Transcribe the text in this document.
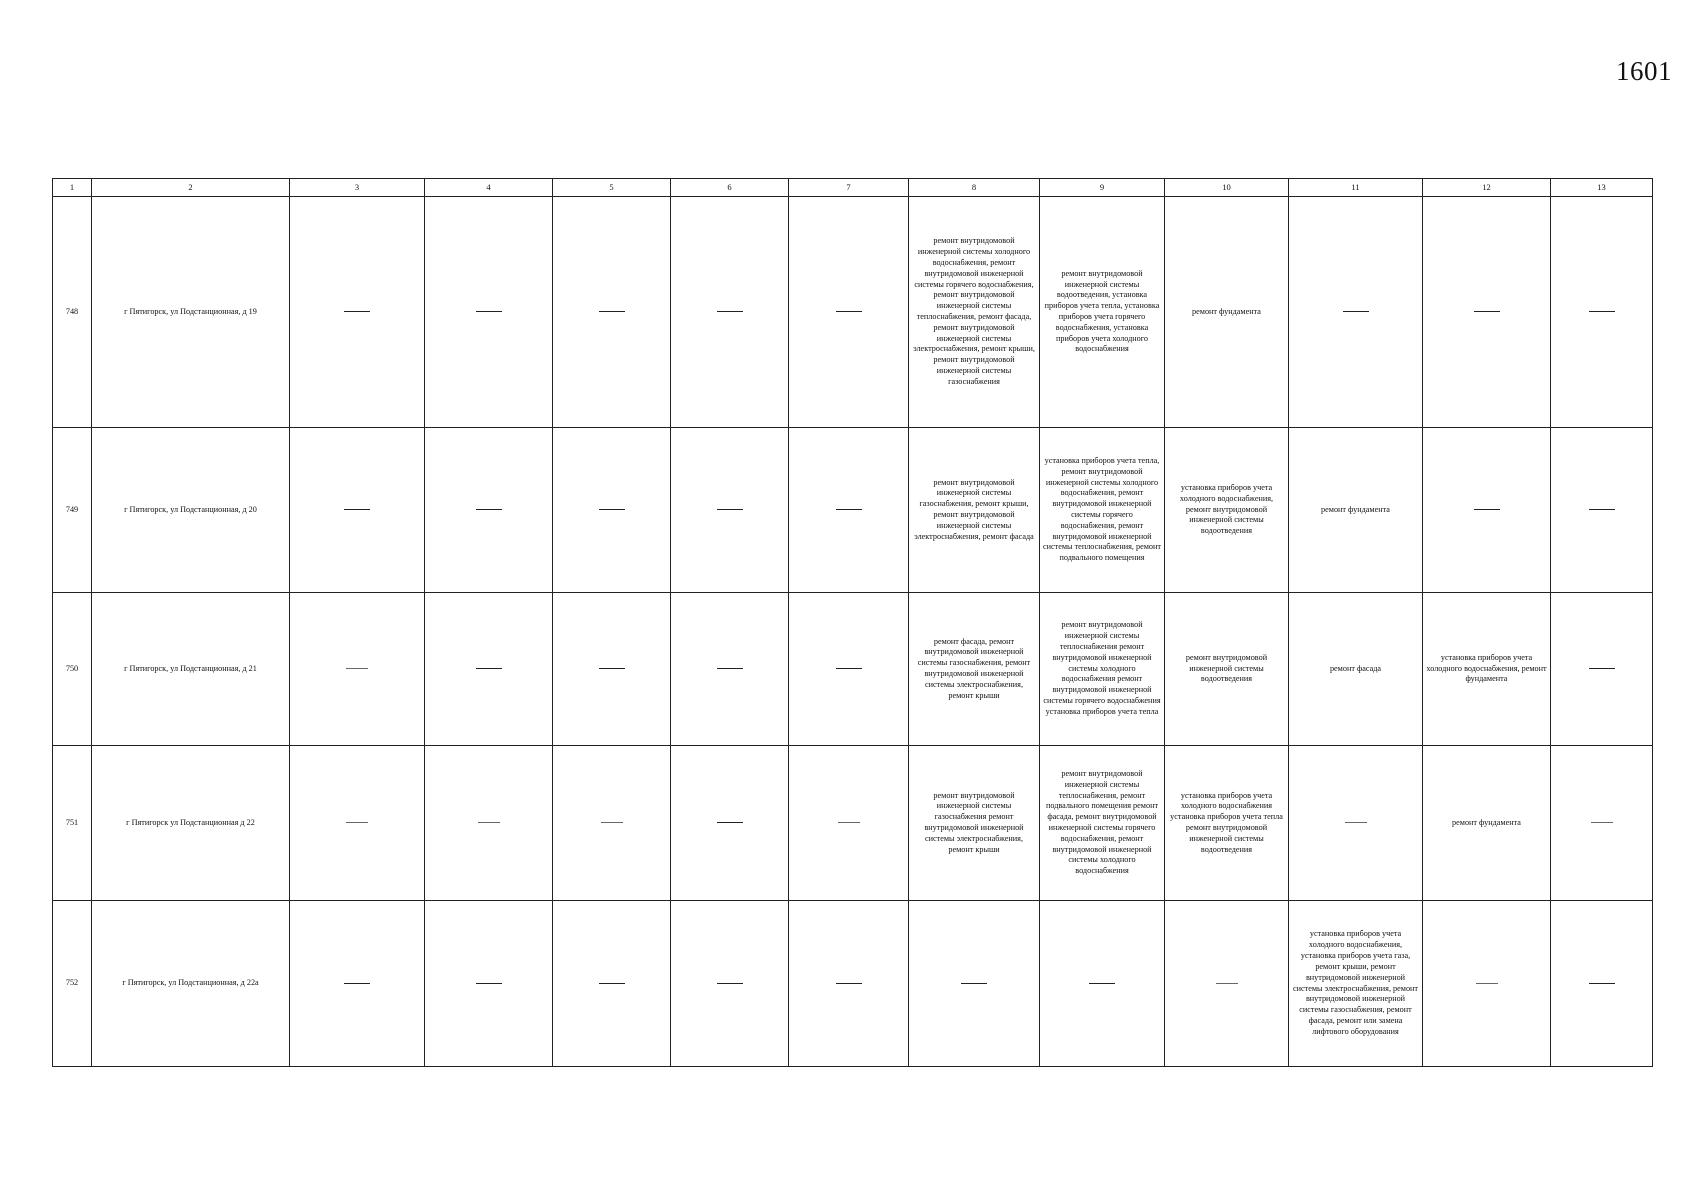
1601
1	2	3	4	5	6	7	8	9	10	11	12	13
748	г Пятигорск, ул Подстанционная, д 19						ремонт внутридомовой инженерной системы холодного водоснабжения, ремонт внутридомовой инженерной системы горячего водоснабжения, ремонт внутридомовой инженерной системы теплоснабжения, ремонт фасада, ремонт внутридомовой инженерной системы электроснабжения, ремонт крыши, ремонт внутридомовой инженерной системы газоснабжения	ремонт внутридомовой инженерной системы водоотведения, установка приборов учета тепла, установка приборов учета горячего водоснабжения, установка приборов учета холодного водоснабжения	ремонт фундамента			
749	г Пятигорск, ул Подстанционная, д 20						ремонт внутридомовой инженерной системы газоснабжения, ремонт крыши, ремонт внутридомовой инженерной системы электроснабжения, ремонт фасада	установка приборов учета тепла, ремонт внутридомовой инженерной системы холодного водоснабжения, ремонт внутридомовой инженерной системы горячего водоснабжения, ремонт внутридомовой инженерной системы теплоснабжения, ремонт подвального помещения	установка приборов учета холодного водоснабжения, ремонт внутридомовой инженерной системы водоотведения	ремонт фундамента		
750	г Пятигорск, ул Подстанционная, д 21						ремонт фасада, ремонт внутридомовой инженерной системы газоснабжения, ремонт внутридомовой инженерной системы электроснабжения, ремонт крыши	ремонт внутридомовой инженерной системы теплоснабжения ремонт внутридомовой инженерной системы холодного водоснабжения ремонт внутридомовой инженерной системы горячего водоснабжения установка приборов учета тепла	ремонт внутридомовой инженерной системы водоотведения	ремонт фасада	установка приборов учета холодного водоснабжения, ремонт фундамента	
751	г Пятигорск ул Подстанционная д 22						ремонт внутридомовой инженерной системы газоснабжения ремонт внутридомовой инженерной системы электроснабжения, ремонт крыши	ремонт внутридомовой инженерной системы теплоснабжения, ремонт подвального помещения ремонт фасада, ремонт внутридомовой инженерной системы горячего водоснабжения, ремонт внутридомовой инженерной системы холодного водоснабжения	установка приборов учета холодного водоснабжения установка приборов учета тепла ремонт внутридомовой инженерной системы водоотведения		ремонт фундамента	
752	г Пятигорск, ул Подстанционная, д 22а									установка приборов учета холодного водоснабжения, установка приборов учета газа, ремонт крыши, ремонт внутридомовой инженерной системы электроснабжения, ремонт внутридомовой инженерной системы газоснабжения, ремонт фасада, ремонт или замена лифтового оборудования		
